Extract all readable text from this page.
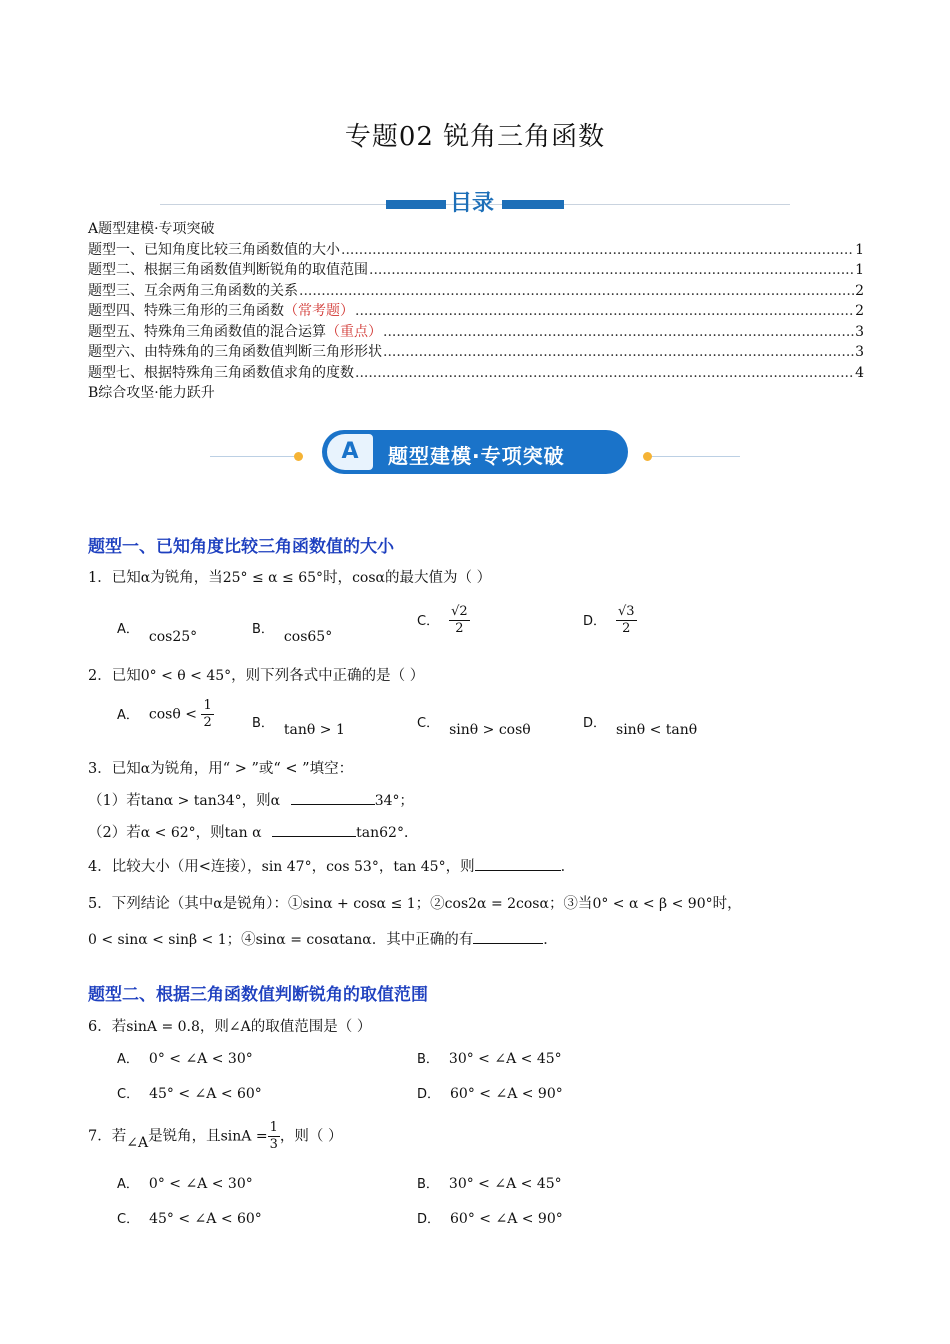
专题02 锐角三角函数
目录
A题型建模·专项突破
题型一、已知角度比较三角函数值的大小 .....	1
题型二、根据三角函数值判断锐角的取值范围 .....	1
题型三、互余两角三角函数的关系 .....	2
题型四、特殊三角形的三角函数 （常考题） .....	2
题型五、特殊角三角函数值的混合运算 （重点） .....	3
题型六、由特殊角的三角函数值判断三角形形状 .....	3
题型七、根据特殊角三角函数值求角的度数 .....	4
B综合攻坚·能力跃升
A	题型建模·专项突破
题型一、已知角度比较三角函数值的大小
1．已知α为锐角，当25° ≤ α ≤ 65°时，cosα的最大值为（ ）
A． cos25°	B． cos65°
C． $\frac{√2}{2}$	D． $\frac{√3}{2}$
2．已知0° < θ < 45°，则下列各式中正确的是（ ）
A． $\cos\theta < \frac{1}{2}$	B． tanθ > 1	C． sinθ > cosθ	D． sinθ < tanθ
3．已知α为锐角，用“ > ”或“ < ”填空：
（1）若tanα > tan34°，则α	34°；
（2）若α < 62°，则tan α	tan62°．
4．比较大小（用<连接），sin 47°，cos 53°，tan 45°，则	．
5．下列结论（其中α是锐角）：①sinα + cosα ≤ 1；②cos2α = 2cosα；③当0° < α < β < 90°时，
0 < sinα < sinβ < 1；④sinα = cosαtanα．其中正确的有	．
题型二、根据三角函数值判断锐角的取值范围
6．若sinA = 0.8，则∠A的取值范围是（ ）
A． 0° < ∠A < 30°	B． 30° < ∠A < 45°
C． 45° < ∠A < 60°	D． 60° < ∠A < 90°
7．若∠A是锐角，且$\sin A = \frac{1}{3}$ ，则（ ）
A． 0° < ∠A < 30°	B． 30° < ∠A < 45°
C． 45° < ∠A < 60°	D． 60° < ∠A < 90°
